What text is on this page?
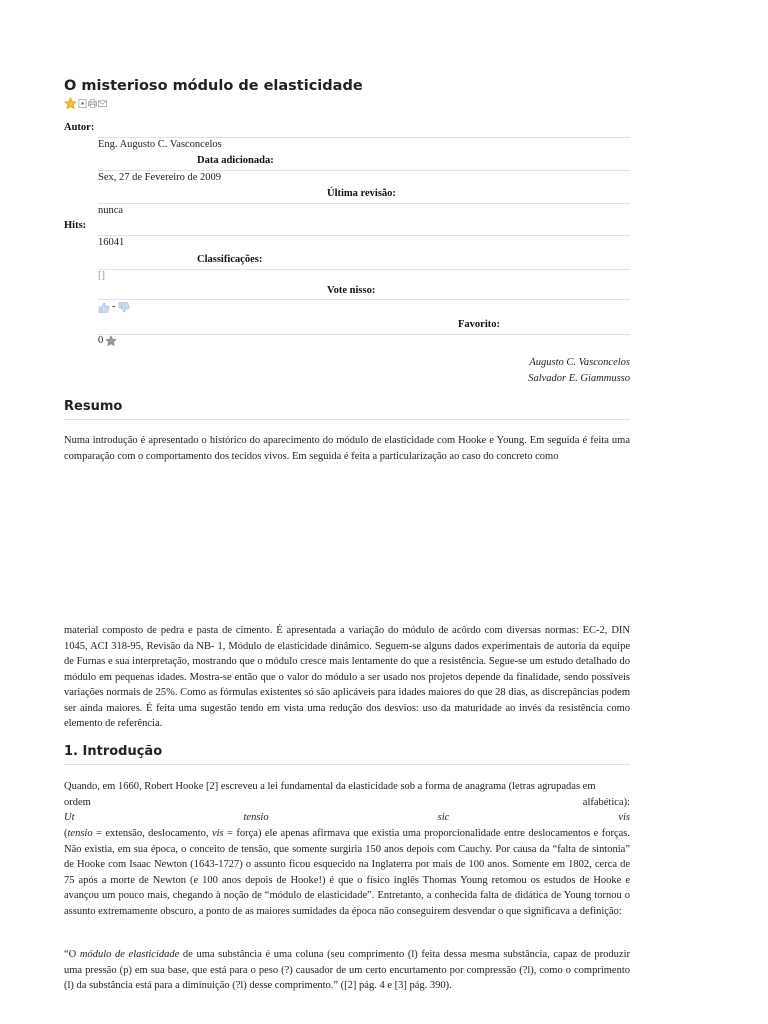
O misterioso módulo de elasticidade
Autor:
Eng. Augusto C. Vasconcelos
Data adicionada:
Sex, 27 de Fevereiro de 2009
Última revisão:
nunca
Hits:
16041
Classificações:
[]
Vote nisso:
-
Favorito:
0
Augusto C. Vasconcelos
Salvador E. Giammusso
Resumo

Numa introdução é apresentado o histórico do aparecimento do módulo de elasticidade com Hooke e Young. Em seguida é feita uma comparação com o comportamento dos tecidos vivos. Em seguida é feita a particularização ao caso do concreto como

material composto de pedra e pasta de cimento. É apresentada a variação do módulo de acôrdo com diversas normas: EC-2, DIN 1045, ACI 318-95, Revisão da NB- 1, Módulo de elasticidade dinâmico. Seguem-se alguns dados experimentais de autoria da equipe de Furnas e sua interpretação, mostrando que o módulo cresce mais lentamente do que a resistência. Segue-se um estudo detalhado do módulo em pequenas idades. Mostra-se então que o valor do módulo a ser usado nos projetos depende da finalidade, sendo possíveis variações normais de 25%. Como as fórmulas existentes só são aplicáveis para idades maiores do que 28 dias, as discrepâncias podem ser ainda maiores. É feita uma sugestão tendo em vista uma redução dos desvios: uso da maturidade ao invés da resistência como elemento de referência.

1. Introdução

Quando, em 1660, Robert Hooke [2] escreveu a lei fundamental da elasticidade sob a forma de anagrama (letras agrupadas em

ordem	alfabética):
Ut	tensio	sic	vis

(tensio = extensão, deslocamento, vis = força) ele apenas afirmava que existia uma proporcionalidade entre deslocamentos e forças. Não existia, em sua época, o conceito de tensão, que somente surgiria 150 anos depois com Cauchy. Por causa da “falta de sintonia” de Hooke com Isaac Newton (1643-1727) o assunto ficou esquecido na Inglaterra por mais de 100 anos. Somente em 1802, cerca de 75 após a morte de Newton (e 100 anos depois de Hooke!) é que o físico inglês Thomas Young retomou os estudos de Hooke e avançou um pouco mais, chegando à noção de “módulo de elasticidade”. Entretanto, a conhecida falta de didática de Young tornou o assunto extremamente obscuro, a ponto de as maiores sumidades da época não conseguirem desvendar o que significava a definição:

“O módulo de elasticidade de uma substância é uma coluna (seu comprimento (l) feita dessa mesma substância, capaz de produzir uma pressão (p) em sua base, que está para o peso (?) causador de um certo encurtamento por compressão (?l), como o comprimento (l) da substância está para a diminuição (?l) desse comprimento.” ([2] pág. 4 e [3] pág. 390).
